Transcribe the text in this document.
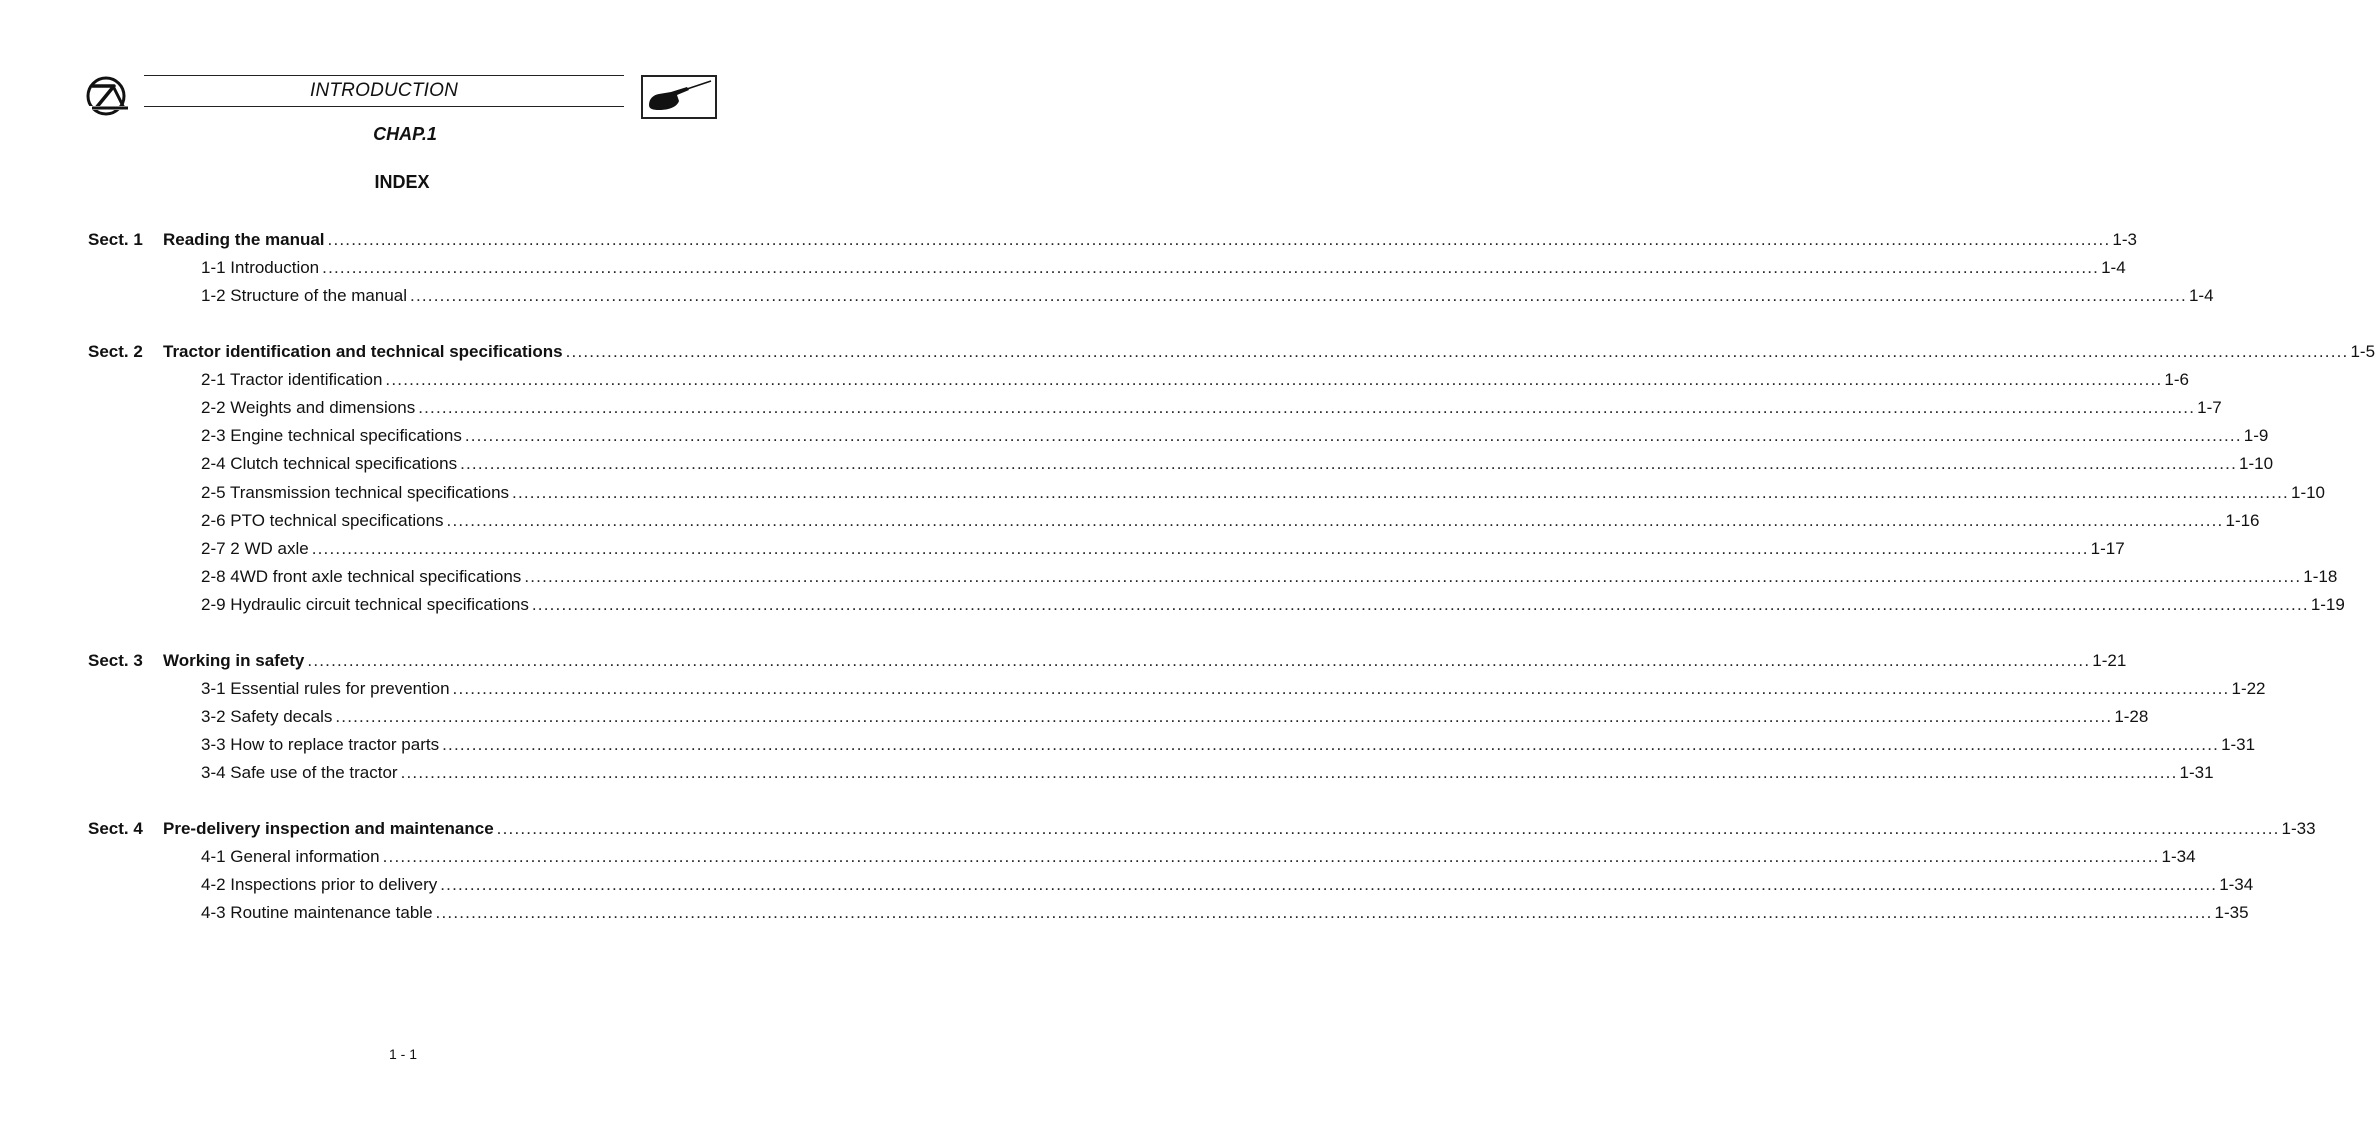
INTRODUCTION
CHAP.1
INDEX
Sect. 1	Reading the manual ............................................................................................................................................................................................................................................................................................................. 1-3
1-1 Introduction ............................................................................................................................................................................................................................................................................................................ 1-4
1-2 Structure of the manual ............................................................................................................................................................................................................................................................................................................ 1-4
Sect. 2	Tractor identification and technical specifications ............................................................................................................................................................................................................................................................................................................. 1-5
2-1 Tractor identification ............................................................................................................................................................................................................................................................................................................ 1-6
2-2 Weights and dimensions ............................................................................................................................................................................................................................................................................................................ 1-7
2-3 Engine technical specifications ............................................................................................................................................................................................................................................................................................................ 1-9
2-4 Clutch technical specifications ............................................................................................................................................................................................................................................................................................................ 1-10
2-5 Transmission technical specifications ............................................................................................................................................................................................................................................................................................................ 1-10
2-6 PTO technical specifications ............................................................................................................................................................................................................................................................................................................ 1-16
2-7 2 WD axle ............................................................................................................................................................................................................................................................................................................ 1-17
2-8 4WD front axle technical specifications ............................................................................................................................................................................................................................................................................................................ 1-18
2-9 Hydraulic circuit technical specifications ............................................................................................................................................................................................................................................................................................................ 1-19
Sect. 3	Working in safety ............................................................................................................................................................................................................................................................................................................. 1-21
3-1 Essential rules for prevention ............................................................................................................................................................................................................................................................................................................ 1-22
3-2 Safety decals ............................................................................................................................................................................................................................................................................................................ 1-28
3-3 How to replace tractor parts ............................................................................................................................................................................................................................................................................................................ 1-31
3-4 Safe use of the tractor ............................................................................................................................................................................................................................................................................................................ 1-31
Sect. 4	Pre-delivery inspection and maintenance ............................................................................................................................................................................................................................................................................................................. 1-33
4-1 General information ............................................................................................................................................................................................................................................................................................................ 1-34
4-2 Inspections prior to delivery ............................................................................................................................................................................................................................................................................................................ 1-34
4-3 Routine maintenance table ............................................................................................................................................................................................................................................................................................................ 1-35
1 - 1
